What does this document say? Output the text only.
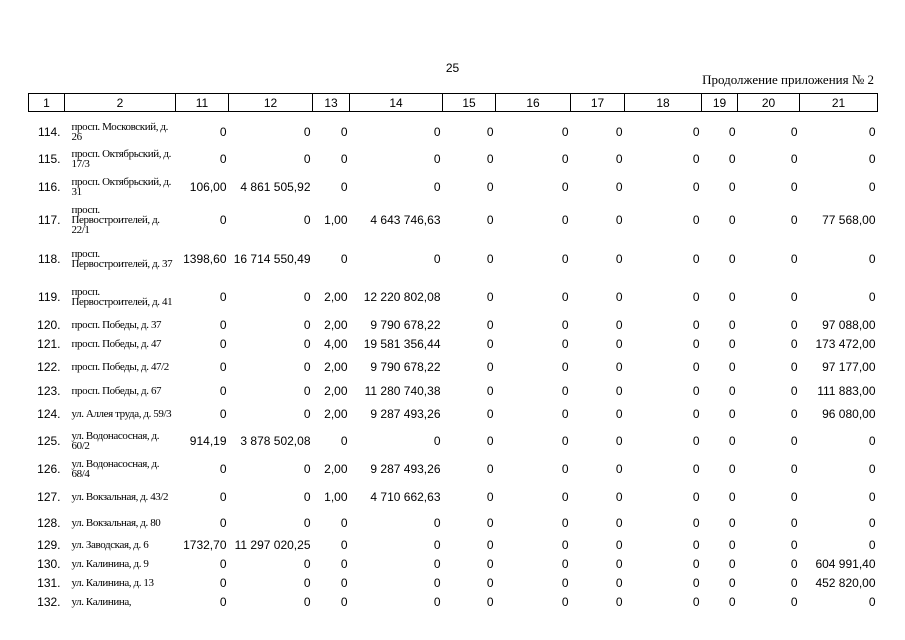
25
Продолжение приложения № 2
1	2	11	12	13	14	15	16	17	18	19	20	21

114.	просп. Московский, д. 26	0	0	0	0	0	0	0	0	0	0	0
115.	просп. Октябрьский, д. 17/3	0	0	0	0	0	0	0	0	0	0	0
116.	просп. Октябрьский, д. 31	106,00	4 861 505,92	0	0	0	0	0	0	0	0	0
117.	просп. Первостроителей, д. 22/1	0	0	1,00	4 643 746,63	0	0	0	0	0	0	77 568,00
118.	просп. Первостроителей, д. 37	1398,60	16 714 550,49	0	0	0	0	0	0	0	0	0
119.	просп. Первостроителей, д. 41	0	0	2,00	12 220 802,08	0	0	0	0	0	0	0
120.	просп. Победы, д. 37	0	0	2,00	9 790 678,22	0	0	0	0	0	0	97 088,00
121.	просп. Победы, д. 47	0	0	4,00	19 581 356,44	0	0	0	0	0	0	173 472,00
122.	просп. Победы, д. 47/2	0	0	2,00	9 790 678,22	0	0	0	0	0	0	97 177,00
123.	просп. Победы, д. 67	0	0	2,00	11 280 740,38	0	0	0	0	0	0	111 883,00
124.	ул. Аллея труда, д. 59/3	0	0	2,00	9 287 493,26	0	0	0	0	0	0	96 080,00
125.	ул. Водонасосная, д. 60/2	914,19	3 878 502,08	0	0	0	0	0	0	0	0	0
126.	ул. Водонасосная, д. 68/4	0	0	2,00	9 287 493,26	0	0	0	0	0	0	0
127.	ул. Вокзальная, д. 43/2	0	0	1,00	4 710 662,63	0	0	0	0	0	0	0
128.	ул. Вокзальная, д. 80	0	0	0	0	0	0	0	0	0	0	0
129.	ул. Заводская, д. 6	1732,70	11 297 020,25	0	0	0	0	0	0	0	0	0
130.	ул. Калинина, д. 9	0	0	0	0	0	0	0	0	0	0	604 991,40
131.	ул. Калинина, д. 13	0	0	0	0	0	0	0	0	0	0	452 820,00
132.	ул. Калинина,	0	0	0	0	0	0	0	0	0	0	0
